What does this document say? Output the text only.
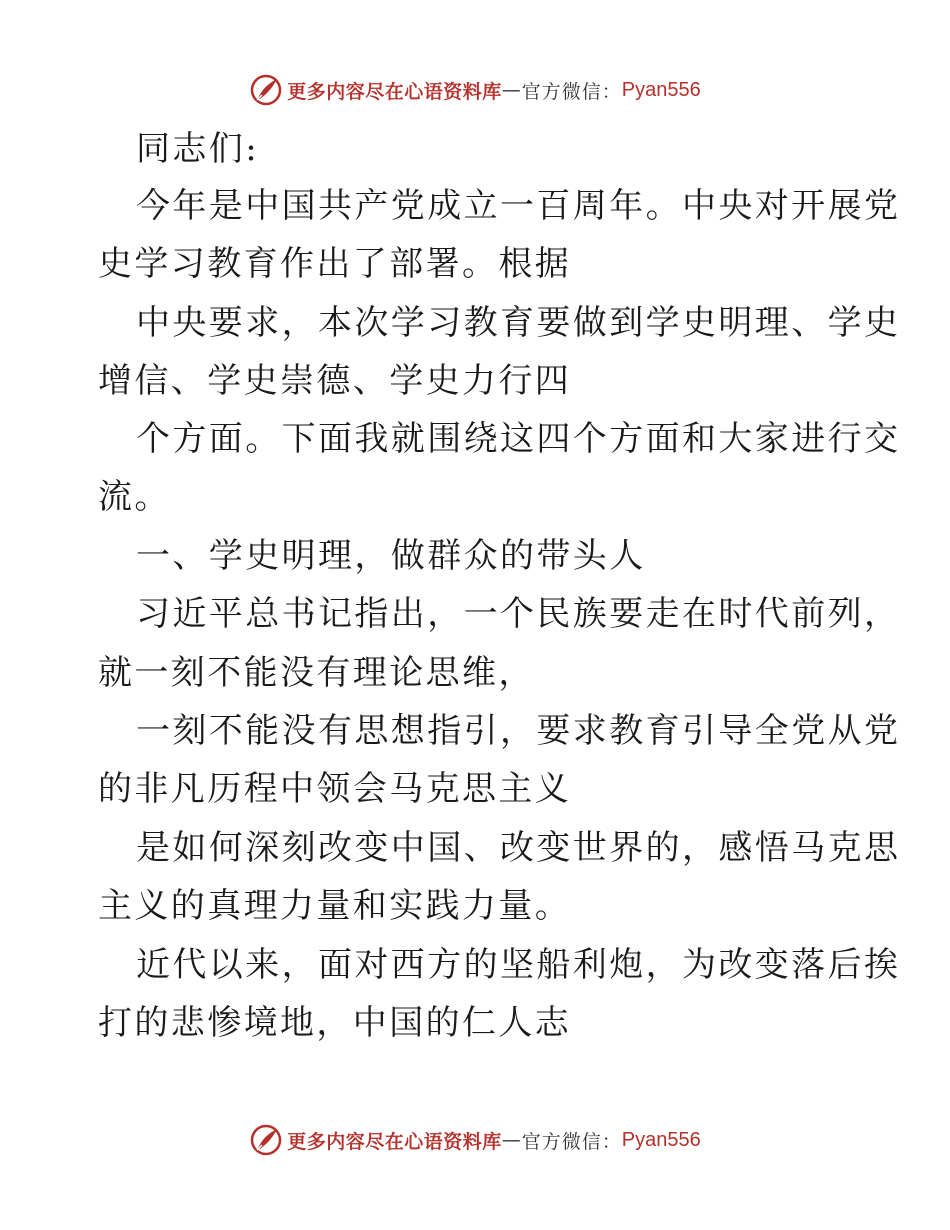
更多内容尽在心语资料库 — 官方微信： Pyan556
同志们:
今年是中国共产党成立一百周年。中央对开展党
史学习教育作出了部署。根据
中央要求，本次学习教育要做到学史明理、学史
增信、学史崇德、学史力行四
个方面。下面我就围绕这四个方面和大家进行交
流。
一、学史明理，做群众的带头人
习近平总书记指出，一个民族要走在时代前列，
就一刻不能没有理论思维，
一刻不能没有思想指引，要求教育引导全党从党
的非凡历程中领会马克思主义
是如何深刻改变中国、改变世界的，感悟马克思
主义的真理力量和实践力量。
近代以来，面对西方的坚船利炮，为改变落后挨
打的悲惨境地，中国的仁人志
更多内容尽在心语资料库 — 官方微信： Pyan556
